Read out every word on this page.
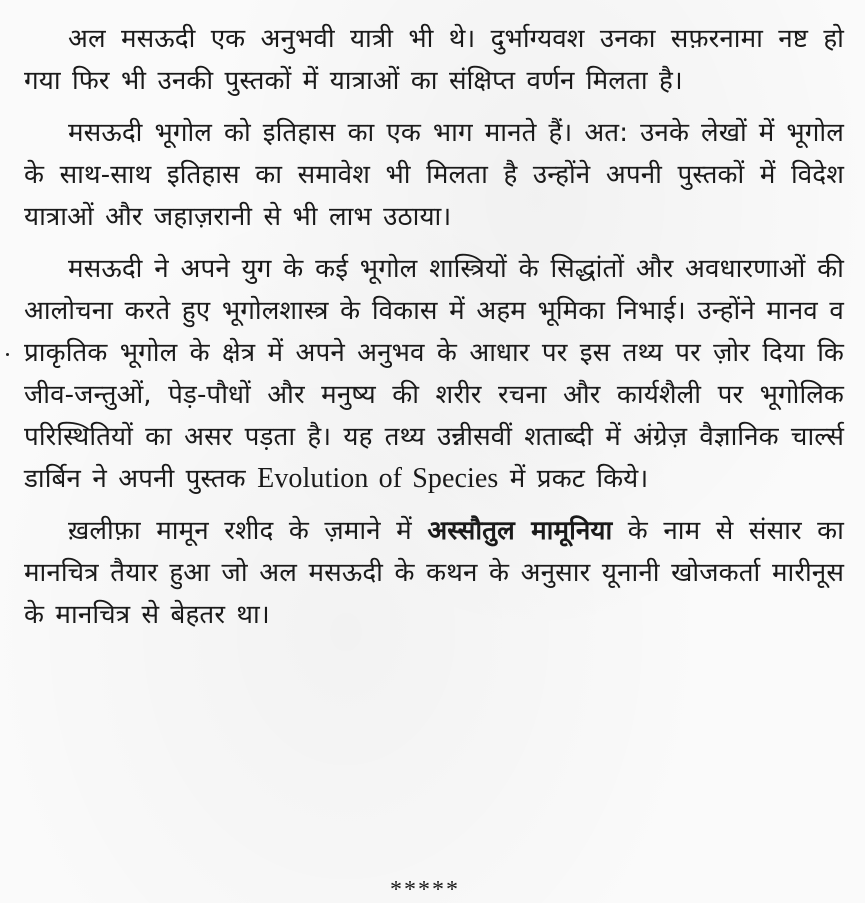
अल मसऊदी एक अनुभवी यात्री भी थे। दुर्भाग्यवश उनका सफ़रनामा नष्ट हो गया फिर भी उनकी पुस्तकों में यात्राओं का संक्षिप्त वर्णन मिलता है।

मसऊदी भूगोल को इतिहास का एक भाग मानते हैं। अत: उनके लेखों में भूगोल के साथ-साथ इतिहास का समावेश भी मिलता है उन्होंने अपनी पुस्तकों में विदेश यात्राओं और जहाज़रानी से भी लाभ उठाया।

मसऊदी ने अपने युग के कई भूगोल शास्त्रियों के सिद्धांतों और अवधारणाओं की आलोचना करते हुए भूगोलशास्त्र के विकास में अहम भूमिका निभाई। उन्होंने मानव व प्राकृतिक भूगोल के क्षेत्र में अपने अनुभव के आधार पर इस तथ्य पर ज़ोर दिया कि जीव-जन्तुओं, पेड़-पौधों और मनुष्य की शरीर रचना और कार्यशैली पर भूगोलिक परिस्थितियों का असर पड़ता है। यह तथ्य उन्नीसवीं शताब्दी में अंग्रेज़ वैज्ञानिक चार्ल्स डार्बिन ने अपनी पुस्तक Evolution of Species में प्रकट किये।

ख़लीफ़ा मामून रशीद के ज़माने में अस्सौतुल मामूनिया के नाम से संसार का मानचित्र तैयार हुआ जो अल मसऊदी के कथन के अनुसार यूनानी खोजकर्ता मारीनूस के मानचित्र से बेहतर था।

*****
